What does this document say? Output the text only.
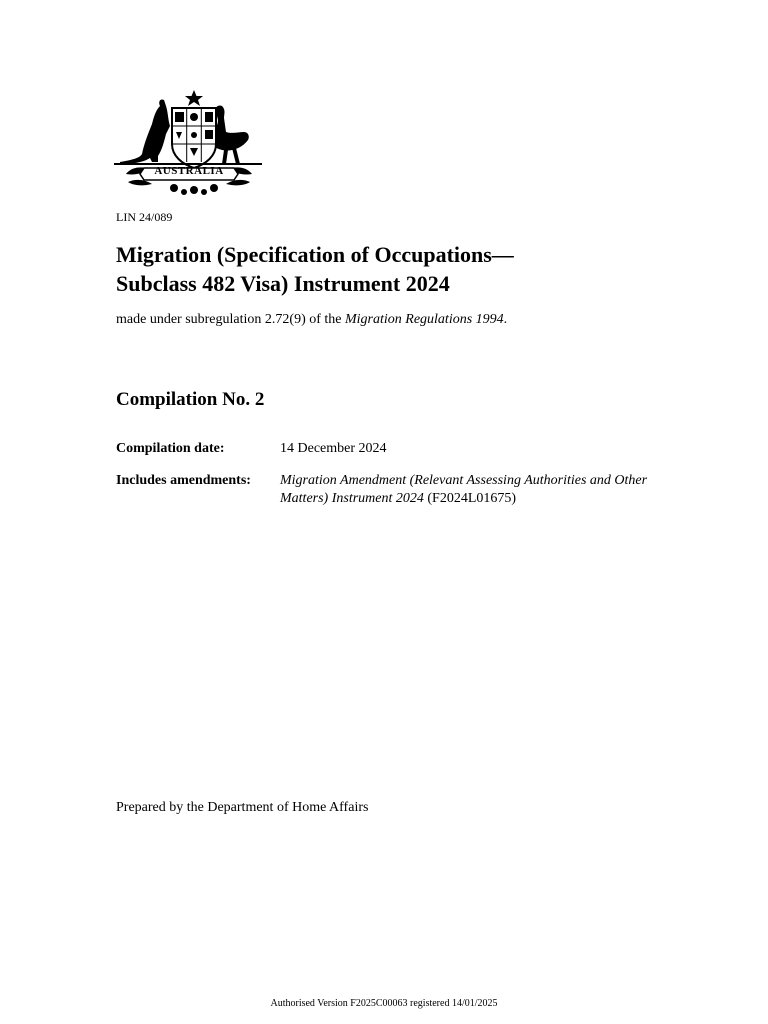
AUSTRALIA
LIN 24/089
Migration (Specification of Occupations—
Subclass 482 Visa) Instrument 2024
made under subregulation 2.72(9) of the Migration Regulations 1994.
Compilation No. 2
Compilation date:	14 December 2024
Includes amendments:	Migration Amendment (Relevant Assessing Authorities and Other Matters) Instrument 2024 (F2024L01675)
Prepared by the Department of Home Affairs
Authorised Version F2025C00063 registered 14/01/2025
